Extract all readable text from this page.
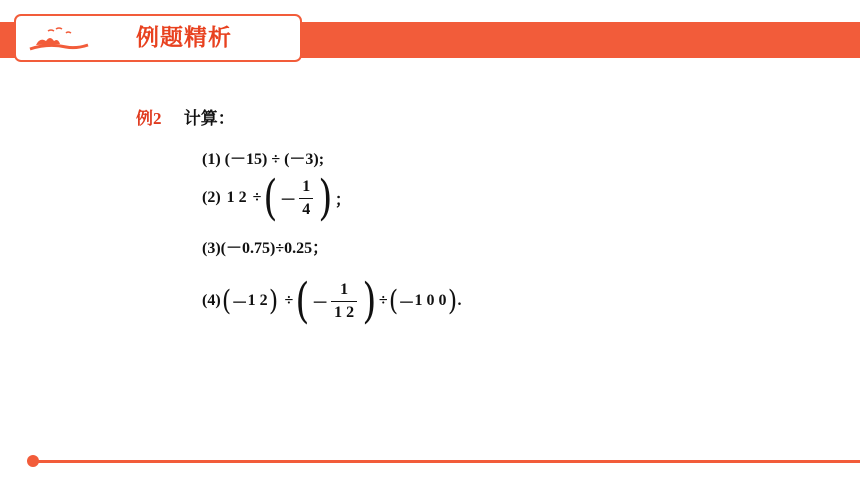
例题精析
例2 计算：
(1) (－15) ÷ (－3);
(2) 1 2 ÷ ( － $\frac{1}{4}$ ) ；
(3)(－0.75)÷0.25；
(4) ( － 1 2 ) ÷ ( － $\frac{1}{1 2}$ ) ÷ ( － 1 0 0 ) .
